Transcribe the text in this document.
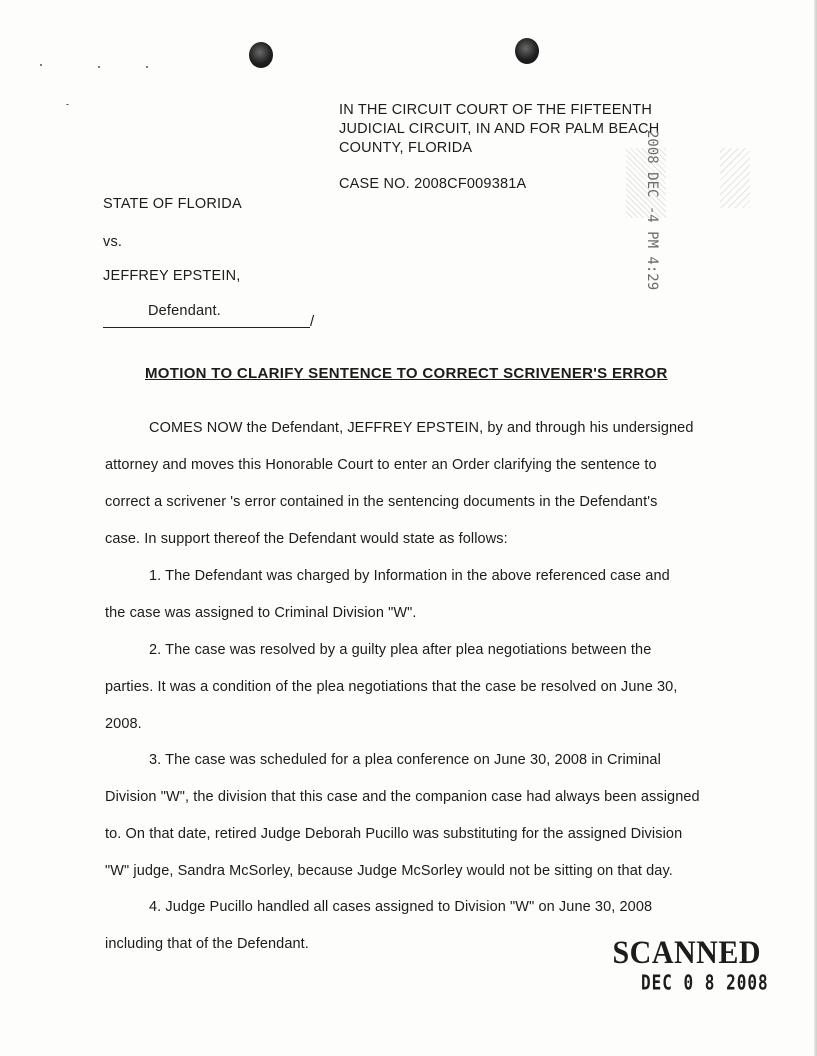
IN THE CIRCUIT COURT OF THE FIFTEENTH
JUDICIAL CIRCUIT, IN AND FOR PALM BEACH
COUNTY, FLORIDA
CASE NO. 2008CF009381A	2008 DEC -4 PM 4:29
STATE OF FLORIDA
vs.
JEFFREY EPSTEIN,
Defendant.
/
MOTION TO CLARIFY SENTENCE TO CORRECT SCRIVENER'S ERROR
COMES NOW the Defendant, JEFFREY EPSTEIN, by and through his undersigned
attorney and moves this Honorable Court to enter an Order clarifying the sentence to
correct a scrivener 's error contained in the sentencing documents in the Defendant's
case. In support thereof the Defendant would state as follows:
1. The Defendant was charged by Information in the above referenced case and
the case was assigned to Criminal Division "W".
2. The case was resolved by a guilty plea after plea negotiations between the
parties. It was a condition of the plea negotiations that the case be resolved on June 30,
2008.
3. The case was scheduled for a plea conference on June 30, 2008 in Criminal
Division "W", the division that this case and the companion case had always been assigned
to. On that date, retired Judge Deborah Pucillo was substituting for the assigned Division
"W" judge, Sandra McSorley, because Judge McSorley would not be sitting on that day.
4. Judge Pucillo handled all cases assigned to Division "W" on June 30, 2008
including that of the Defendant.	SCANNED
DEC 0 8 2008
